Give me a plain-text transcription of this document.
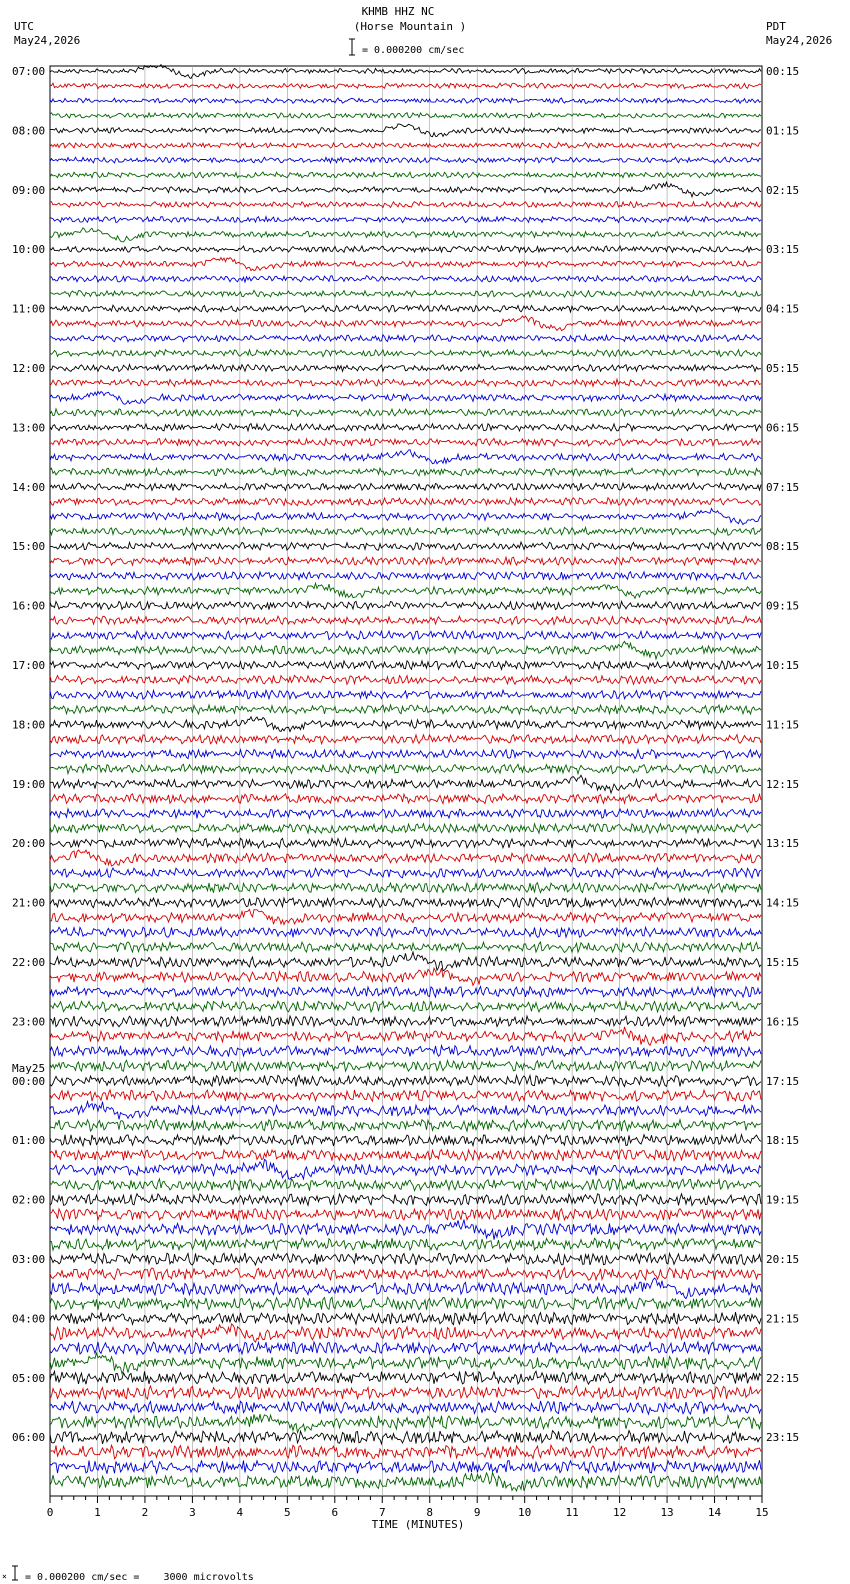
KHMB HHZ NC
(Horse Mountain )
= 0.000200 cm/sec
UTC
May24,2026
PDT
May24,2026
07:00
08:00
09:00
10:00
11:00
12:00
13:00
14:00
15:00
16:00
17:00
18:00
19:00
20:00
21:00
22:00
23:00
00:00
May25
01:00
02:00
03:00
04:00
05:00
06:00
00:15
01:15
02:15
03:15
04:15
05:15
06:15
07:15
08:15
09:15
10:15
11:15
12:15
13:15
14:15
15:15
16:15
17:15
18:15
19:15
20:15
21:15
22:15
23:15
0	1	2	3	4	5	6	7	8	9	10	11	12	13	14	15
TIME (MINUTES)
× = 0.000200 cm/sec =    3000 microvolts
